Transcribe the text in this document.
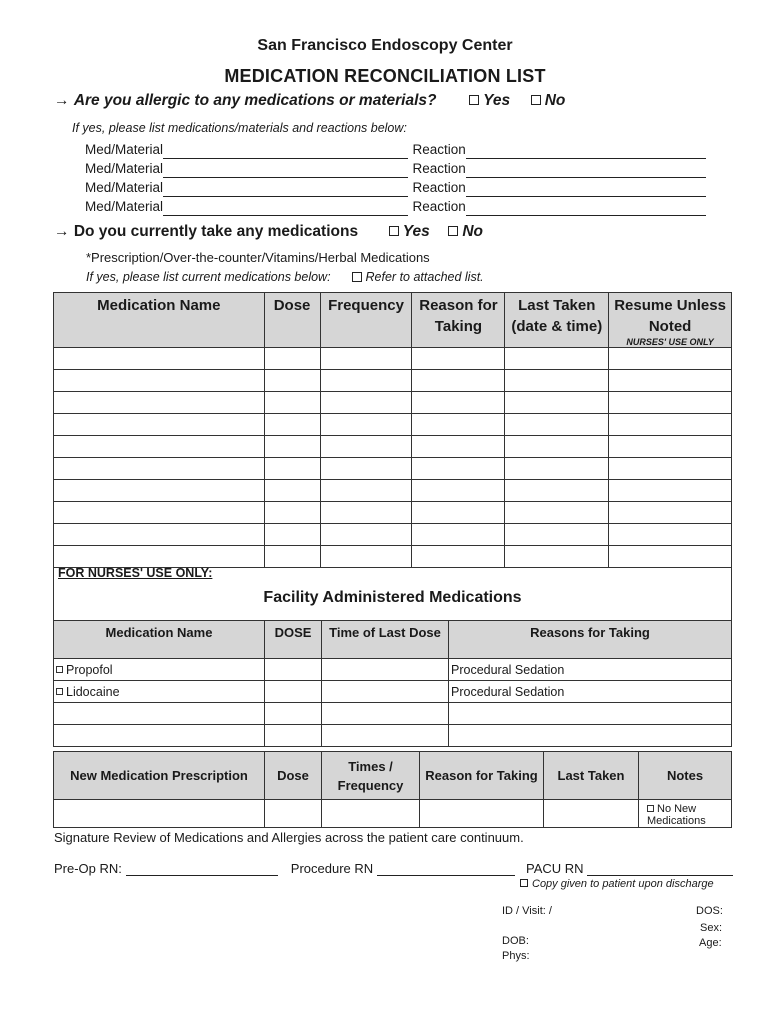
San Francisco Endoscopy Center
MEDICATION RECONCILIATION LIST
→ Are you allergic to any medications or materials?	Yes No
If yes, please list medications/materials and reactions below:
Med/Material	Reaction
Med/Material	Reaction
Med/Material	Reaction
Med/Material	Reaction
→ Do you currently take any medications	Yes No
*Prescription/Over-the-counter/Vitamins/Herbal Medications
If yes, please list current medications below:	Refer to attached list.
Medication Name	Dose	Frequency	Reason for Taking	Last Taken (date & time)	Resume Unless Noted
NURSES' USE ONLY

FOR NURSES' USE ONLY:
Facility Administered Medications
Medication Name	DOSE	Time of Last Dose	Reasons for Taking
Propofol			Procedural Sedation
Lidocaine			Procedural Sedation

New Medication Prescription	Dose	Times / Frequency	Reason for Taking	Last Taken	Notes
					No New Medications
Signature Review of Medications and Allergies across the patient care continuum.
Pre-Op RN:	Procedure RN	PACU RN
Copy given to patient upon discharge
ID / Visit: /
DOB:
Phys:
DOS:
Sex:
Age:
